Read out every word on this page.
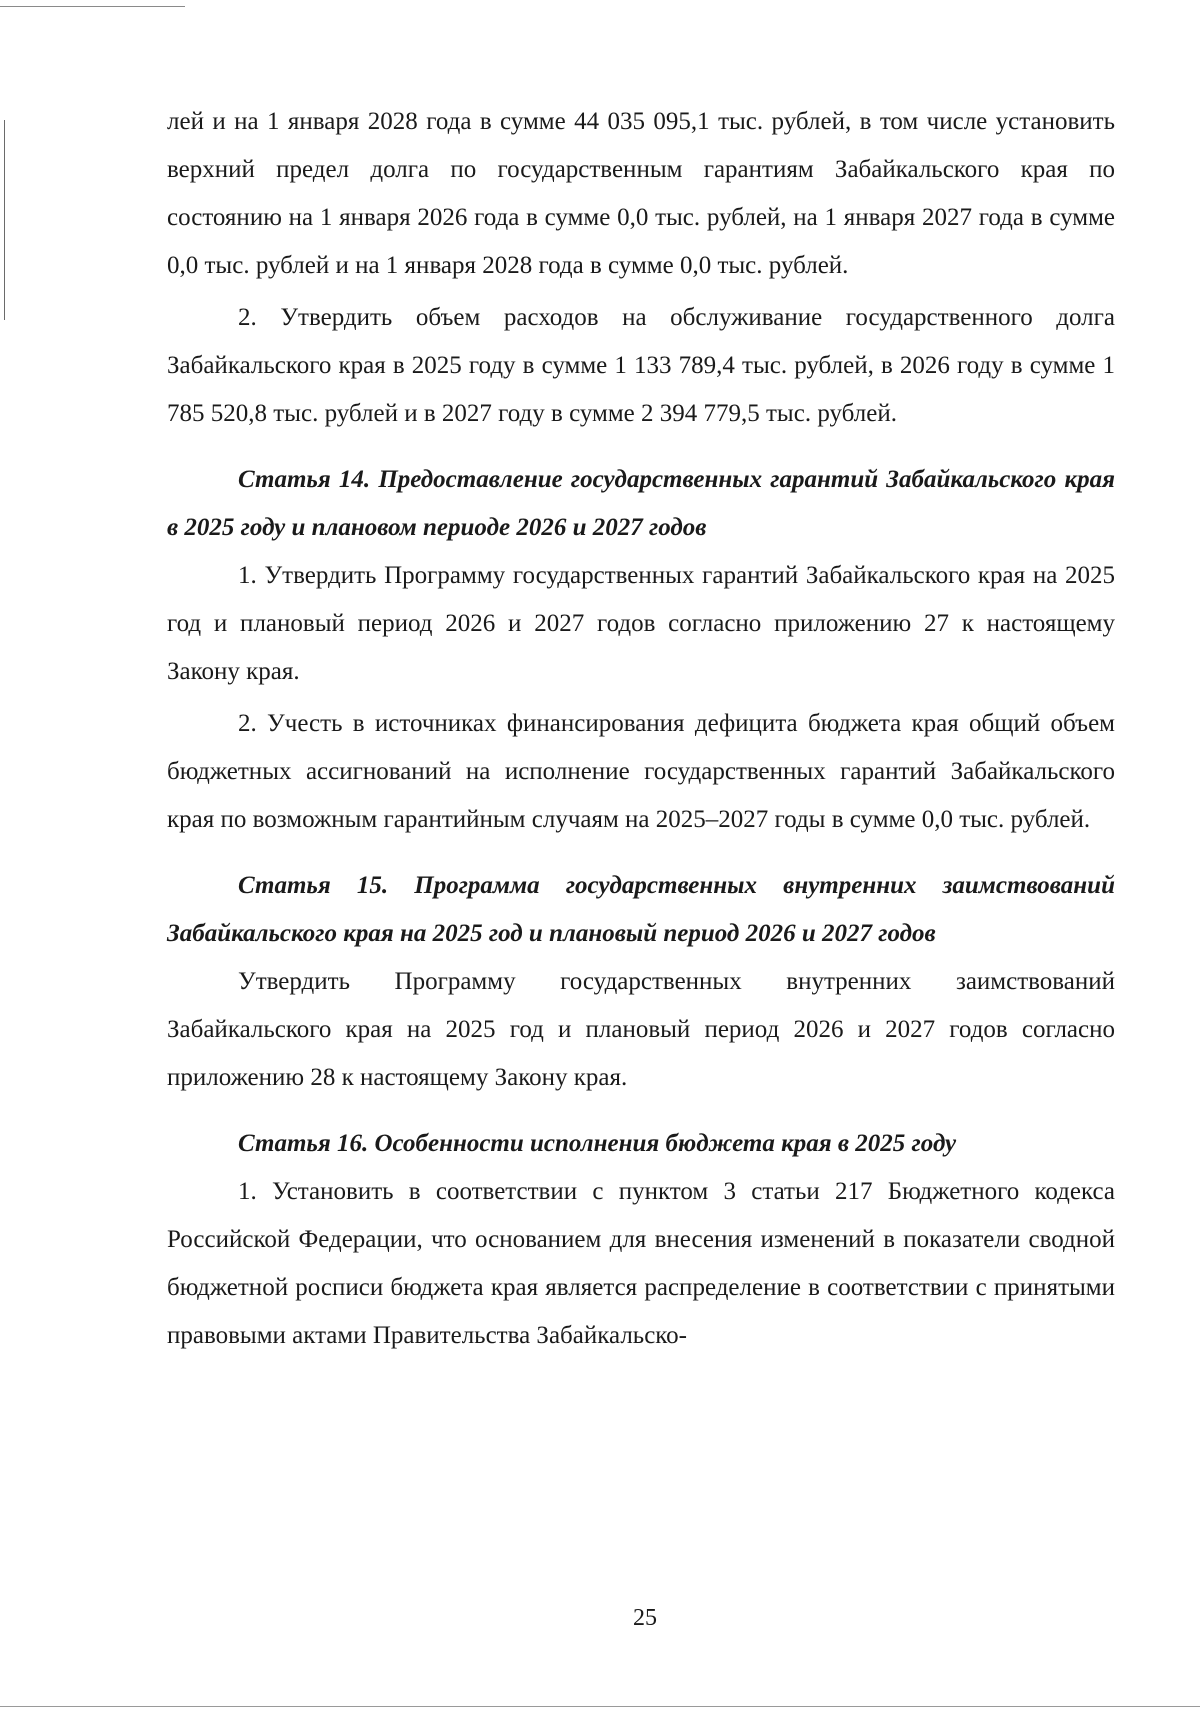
лей и на 1 января 2028 года в сумме 44 035 095,1 тыс. рублей, в том числе установить верхний предел долга по государственным гарантиям Забайкальского края по состоянию на 1 января 2026 года в сумме 0,0 тыс. рублей, на 1 января 2027 года в сумме 0,0 тыс. рублей и на 1 января 2028 года в сумме 0,0 тыс. рублей.

2. Утвердить объем расходов на обслуживание государственного долга Забайкальского края в 2025 году в сумме 1 133 789,4 тыс. рублей, в 2026 году в сумме 1 785 520,8 тыс. рублей и в 2027 году в сумме 2 394 779,5 тыс. рублей.

Статья 14. Предоставление государственных гарантий Забайкальского края в 2025 году и плановом периоде 2026 и 2027 годов

1. Утвердить Программу государственных гарантий Забайкальского края на 2025 год и плановый период 2026 и 2027 годов согласно приложению 27 к настоящему Закону края.

2. Учесть в источниках финансирования дефицита бюджета края общий объем бюджетных ассигнований на исполнение государственных гарантий Забайкальского края по возможным гарантийным случаям на 2025–2027 годы в сумме 0,0 тыс. рублей.

Статья 15. Программа государственных внутренних заимствований Забайкальского края на 2025 год и плановый период 2026 и 2027 годов

Утвердить Программу государственных внутренних заимствований Забайкальского края на 2025 год и плановый период 2026 и 2027 годов согласно приложению 28 к настоящему Закону края.

Статья 16. Особенности исполнения бюджета края в 2025 году

1. Установить в соответствии с пунктом 3 статьи 217 Бюджетного кодекса Российской Федерации, что основанием для внесения изменений в показатели сводной бюджетной росписи бюджета края является распределение в соответствии с принятыми правовыми актами Правительства Забайкальско-

25
